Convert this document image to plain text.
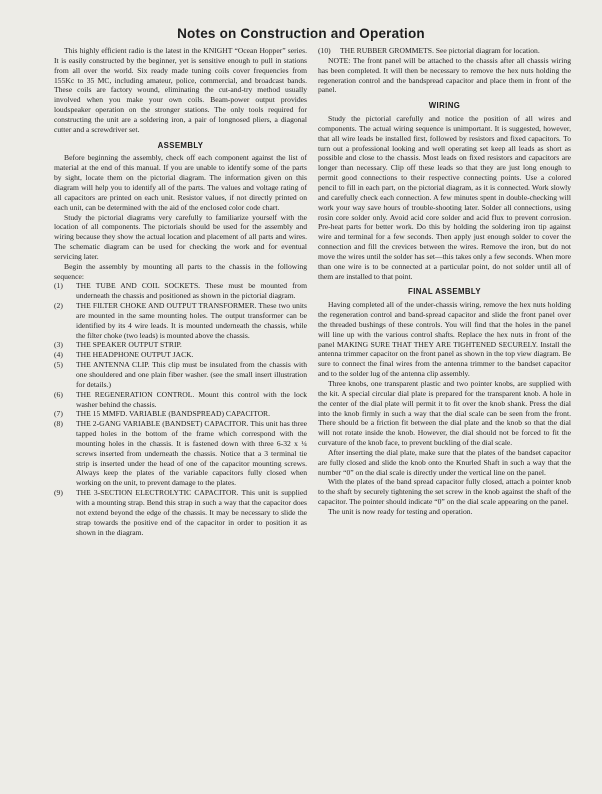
Notes on Construction and Operation

This highly efficient radio is the latest in the KNIGHT “Ocean Hopper” series. It is easily constructed by the beginner, yet is sensitive enough to pull in stations from all over the world. Six ready made tuning coils cover frequencies from 155Kc to 35 MC, including amateur, police, commercial, and broadcast bands. These coils are factory wound, eliminating the cut-and-try method usually involved when you make your own coils. Beam-power output provides loudspeaker operation on the stronger stations. The only tools required for constructing the unit are a soldering iron, a pair of longnosed pliers, a diagonal cutter and a screwdriver set.

ASSEMBLY

Before beginning the assembly, check off each component against the list of material at the end of this manual. If you are unable to identify some of the parts by sight, locate them on the pictorial diagram. The information given on this diagram will help you to identify all of the parts. The values and voltage rating of all capacitors are printed on each unit. Resistor values, if not directly printed on each unit, can be determined with the aid of the enclosed color code chart.

Study the pictorial diagrams very carefully to familiarize yourself with the location of all components. The pictorials should be used for the assembly and wiring because they show the actual location and placement of all parts and wires. The schematic diagram can be used for checking the work and for eventual servicing later.

Begin the assembly by mounting all parts to the chassis in the following sequence:

(1)	THE TUBE AND COIL SOCKETS. These must be mounted from underneath the chassis and positioned as shown in the pictorial diagram.
(2)	THE FILTER CHOKE AND OUTPUT TRANSFORMER. These two units are mounted in the same mounting holes. The output transformer can be identified by its 4 wire leads. It is mounted underneath the chassis, while the filter choke (two leads) is mounted above the chassis.
(3)	THE SPEAKER OUTPUT STRIP.
(4)	THE HEADPHONE OUTPUT JACK.
(5)	THE ANTENNA CLIP. This clip must be insulated from the chassis with one shouldered and one plain fiber washer. (see the small insert illustration for details.)
(6)	THE REGENERATION CONTROL. Mount this control with the lock washer behind the chassis.
(7)	THE 15 MMFD. VARIABLE (BANDSPREAD) CAPACITOR.
(8)	THE 2-GANG VARIABLE (BANDSET) CAPACITOR. This unit has three tapped holes in the bottom of the frame which correspond with the mounting holes in the chassis. It is fastened down with three 6-32 x ¼ screws inserted from underneath the chassis. Notice that a 3 terminal tie strip is inserted under the head of one of the capacitor mounting screws. Always keep the plates of the variable capacitors fully closed when working on the unit, to prevent damage to the plates.
(9)	THE 3-SECTION ELECTROLYTIC CAPACITOR. This unit is supplied with a mounting strap. Bend this strap in such a way that the capacitor does not extend beyond the edge of the chassis. It may be necessary to slide the strap towards the positive end of the capacitor in order to position it as shown in the diagram.
(10)	THE RUBBER GROMMETS. See pictorial diagram for location.

NOTE: The front panel will be attached to the chassis after all chassis wiring has been completed. It will then be necessary to remove the hex nuts holding the regeneration control and the bandspread capacitor and place them in front of the panel.

WIRING

Study the pictorial carefully and notice the position of all wires and components. The actual wiring sequence is unimportant. It is suggested, however, that all wire leads be installed first, followed by resistors and fixed capacitors. To turn out a professional looking and well operating set keep all leads as short as possible and close to the chassis. Most leads on fixed resistors and capacitors are longer than necessary. Clip off these leads so that they are just long enough to permit good connections to their respective connecting points. Use a colored pencil to fill in each part, on the pictorial diagram, as it is connected. Work slowly and carefully check each connection. A few minutes spent in double-checking will work your way save hours of trouble-shooting later. Solder all connections, using rosin core solder only. Avoid acid core solder and acid flux to prevent corrosion. Pre-heat parts for better work. Do this by holding the soldering iron tip against wire and terminal for a few seconds. Then apply just enough solder to cover the connection and fill the crevices between the wires. Remove the iron, but do not move the wires until the solder has set—this takes only a few seconds. When more than one wire is to be connected at a particular point, do not solder until all of them are installed to that point.

FINAL ASSEMBLY

Having completed all of the under-chassis wiring, remove the hex nuts holding the regeneration control and band-spread capacitor and slide the front panel over the threaded bushings of these controls. You will find that the holes in the panel will line up with the various control shafts. Replace the hex nuts in front of the panel MAKING SURE THAT THEY ARE TIGHTENED SECURELY. Install the antenna trimmer capacitor on the front panel as shown in the top view diagram. Be sure to connect the final wires from the antenna trimmer to the bandset capacitor and to the solder lug of the antenna clip assembly.

Three knobs, one transparent plastic and two pointer knobs, are supplied with the kit. A special circular dial plate is prepared for the transparent knob. A hole in the center of the dial plate will permit it to fit over the knob shank. Press the dial into the knob firmly in such a way that the dial scale can be seen from the front. There should be a friction fit between the dial plate and the knob so that the dial will not rotate inside the knob. However, the dial should not be forced to fit the curvature of the knob face, to prevent buckling of the dial scale.

After inserting the dial plate, make sure that the plates of the bandset capacitor are fully closed and slide the knob onto the Knurled Shaft in such a way that the number “0” on the dial scale is directly under the vertical line on the panel.

With the plates of the band spread capacitor fully closed, attach a pointer knob to the shaft by securely tightening the set screw in the knob against the shaft of the capacitor. The pointer should indicate “0” on the dial scale appearing on the panel.

The unit is now ready for testing and operation.
